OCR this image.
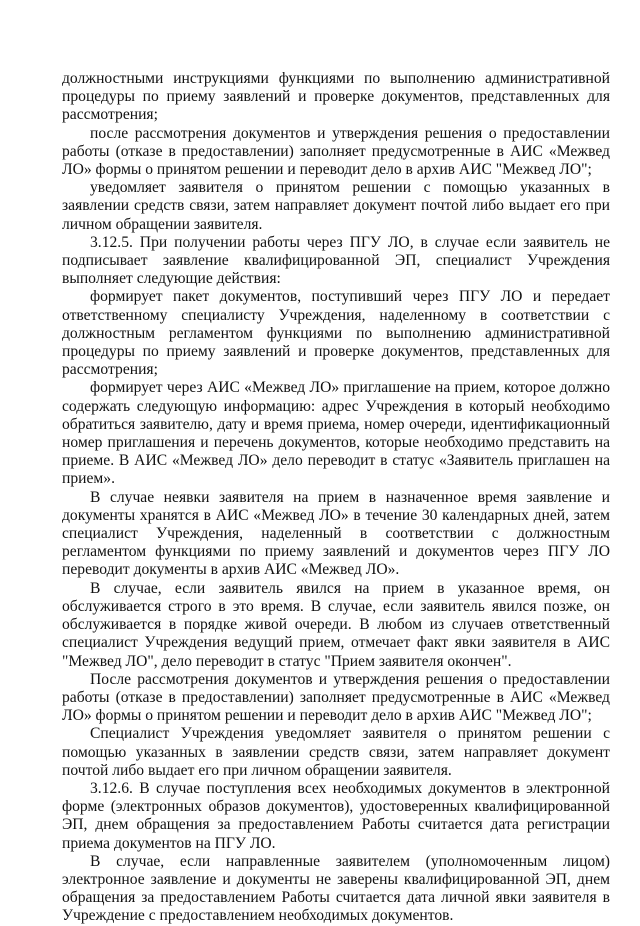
должностными инструкциями функциями по выполнению административной процедуры по приему заявлений и проверке документов, представленных для рассмотрения;

после рассмотрения документов и утверждения решения о предоставлении работы (отказе в предоставлении) заполняет предусмотренные в АИС «Межвед ЛО» формы о принятом решении и переводит дело в архив АИС "Межвед ЛО";

уведомляет заявителя о принятом решении с помощью указанных в заявлении средств связи, затем направляет документ почтой либо выдает его при личном обращении заявителя.

3.12.5. При получении работы через ПГУ ЛО, в случае если заявитель не подписывает заявление квалифицированной ЭП, специалист Учреждения выполняет следующие действия:

формирует пакет документов, поступивший через ПГУ ЛО и передает ответственному специалисту Учреждения, наделенному в соответствии с должностным регламентом функциями по выполнению административной процедуры по приему заявлений и проверке документов, представленных для рассмотрения;

формирует через АИС «Межвед ЛО» приглашение на прием, которое должно содержать следующую информацию: адрес Учреждения в который необходимо обратиться заявителю, дату и время приема, номер очереди, идентификационный номер приглашения и перечень документов, которые необходимо представить на приеме. В АИС «Межвед ЛО» дело переводит в статус «Заявитель приглашен на прием».

В случае неявки заявителя на прием в назначенное время заявление и документы хранятся в АИС «Межвед ЛО» в течение 30 календарных дней, затем специалист Учреждения, наделенный в соответствии с должностным регламентом функциями по приему заявлений и документов через ПГУ ЛО переводит документы в архив АИС «Межвед ЛО».

В случае, если заявитель явился на прием в указанное время, он обслуживается строго в это время. В случае, если заявитель явился позже, он обслуживается в порядке живой очереди. В любом из случаев ответственный специалист Учреждения ведущий прием, отмечает факт явки заявителя в АИС "Межвед ЛО", дело переводит в статус "Прием заявителя окончен".

После рассмотрения документов и утверждения решения о предоставлении работы (отказе в предоставлении) заполняет предусмотренные в АИС «Межвед ЛО» формы о принятом решении и переводит дело в архив АИС "Межвед ЛО";

Специалист Учреждения уведомляет заявителя о принятом решении с помощью указанных в заявлении средств связи, затем направляет документ почтой либо выдает его при личном обращении заявителя.

3.12.6. В случае поступления всех необходимых документов в электронной форме (электронных образов документов), удостоверенных квалифицированной ЭП, днем обращения за предоставлением Работы считается дата регистрации приема документов на ПГУ ЛО.

В случае, если направленные заявителем (уполномоченным лицом) электронное заявление и документы не заверены квалифицированной ЭП, днем обращения за предоставлением Работы считается дата личной явки заявителя в Учреждение с предоставлением необходимых документов.
